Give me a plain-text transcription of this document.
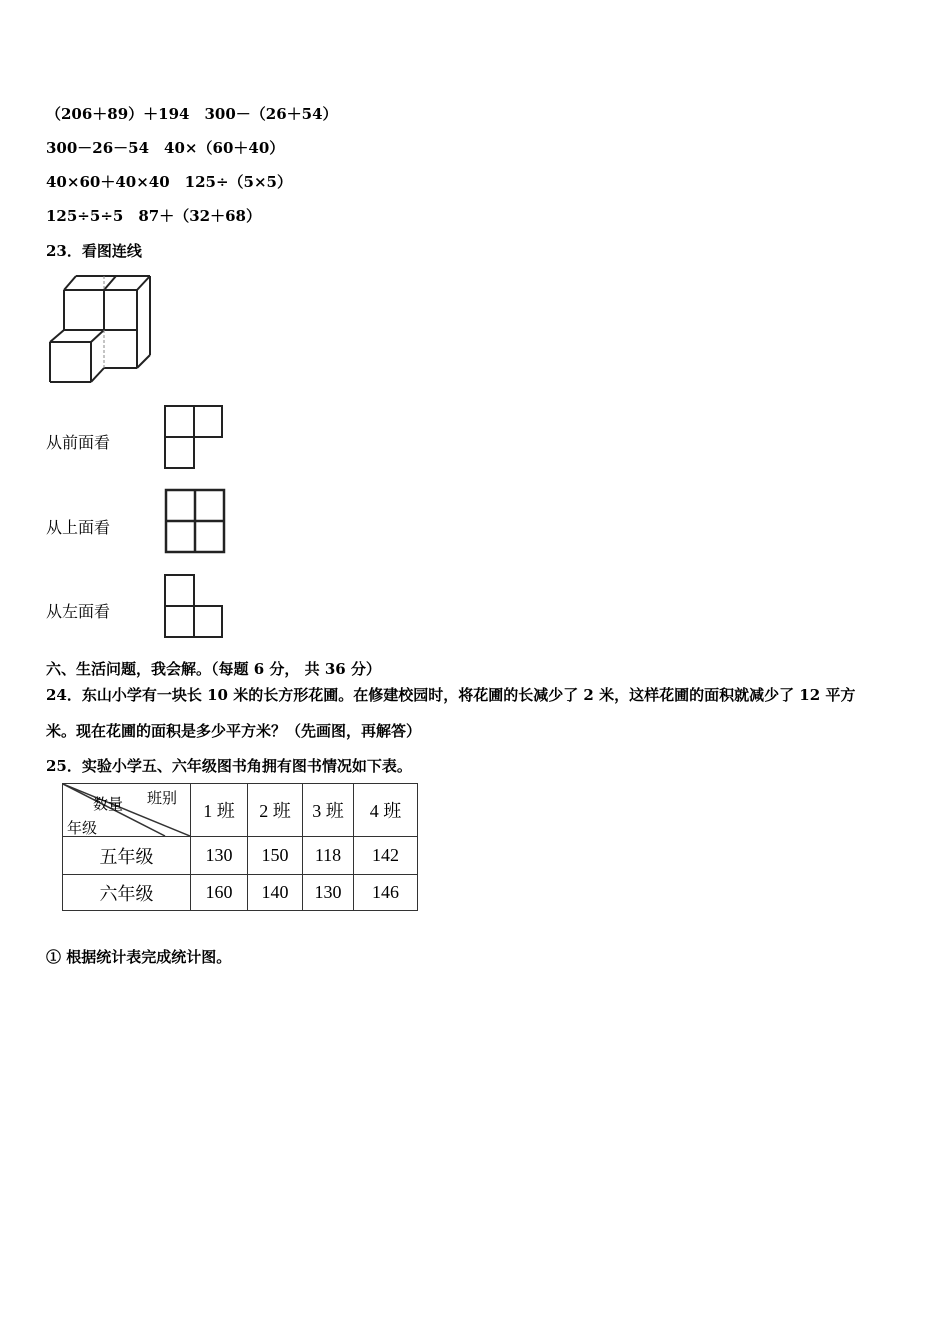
（206＋89）＋194　300－（26＋54）
300－26－54　40×（60＋40）
40×60＋40×40　125÷（5×5）
125÷5÷5　87＋（32＋68）
23．看图连线
从前面看
从上面看
从左面看
六、生活问题，我会解。（每题 6 分， 共 36 分）
24．东山小学有一块长 10 米的长方形花圃。在修建校园时，将花圃的长减少了 2 米，这样花圃的面积就减少了 12 平方
米。现在花圃的面积是多少平方米？（先画图，再解答）
25．实验小学五、六年级图书角拥有图书情况如下表。
班别
数量
年级	1 班	2 班	3 班	4 班
五年级	130	150	118	142
六年级	160	140	130	146
① 根据统计表完成统计图。
